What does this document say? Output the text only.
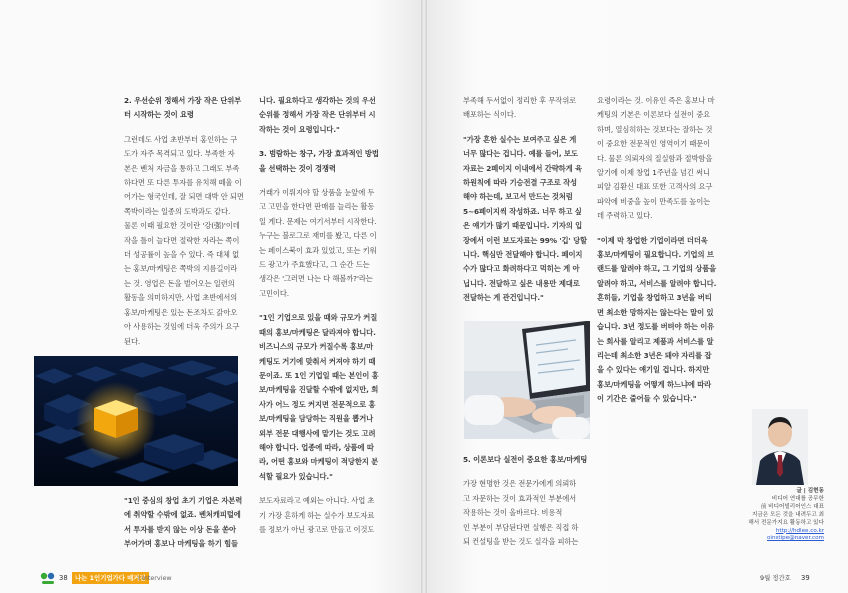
2. 우선순위 정해서 가장 작은 단위부

터 시작하는 것이 요령

그런데도 사업 초반부터 홍인하는 구

도가 자주 목격되고 있다. 부족한 자

본은 벤처 자금을 통하고 그래도 부족

하다면 또 다른 투자를 유치해 떼울 이

어가는 형국인데, 잘 되면 대박 안 되면

쪽박이라는 일종의 도박과도 같다.

물론 이때 필요한 것이란 '강(强)'이데

작을 틀이 늘다면 절략한 자라는 쪽이

더 성공률이 높을 수 있다. 즉 대체 없

는 홍보/마케팅은 쪽박의 지름길이라

는 것. 영업은 돈을 벌어오는 일련의

활동을 의미하지만, 사업 초반에서의

홍보/마케팅은 있는 돈조차도 갉아오

아 사용하는 것임에 더욱 주의가 요구

된다.

"1인 중심의 창업 초기 기업은 자본력

에 취약할 수밖에 없죠. 벤처캐피털에

서 투자를 받지 않는 이상 돈을 쏟아

부어가며 홍보나 마케팅을 하기 힘들

니다. 필요하다고 생각하는 것의 우선

순위를 정해서 가장 작은 단위부터 시

작하는 것이 요령입니다."

3. 범람하는 창구, 가장 효과적인 방법

을 선택하는 것이 경쟁력

거래가 이뤄지야 할 상품을 눈앞에 두

고 고민을 한다면 판매를 늘리는 활동

일 게다. 문제는 여기서부터 시작한다.

누구는 블로그로 재미를 봤고, 다른 이

는 페이스북이 효과 있었고, 또는 키워

드 광고가 주효했다고, 그 순간 드는

생각은 '그러면 나는 다 해볼까?'라는

고민이다.

"1인 기업으로 있을 때와 규모가 커질

때의 홍보/마케팅은 달라져야 합니다.

비즈니스의 규모가 커질수록 홍보/마

케팅도 거기에 맞춰서 커져야 하기 때

문이죠. 또 1인 기업일 때는 본인이 홍

보/마케팅을 진달할 수밖에 없지만, 회

사가 어느 정도 커지면 전문적으로 홍

보/마케팅을 담당하는 직원을 뽑거나

외부 전문 대행사에 맡기는 것도 고려

해야 합니다. 업종에 따라, 상품에 따

라, 어떤 홍보와 마케팅이 적당한지 분

석할 필요가 있습니다."

보도자료라고 예외는 아니다. 사업 초

기 가장 흔하게 하는 실수가 보도자료

를 정보가 아닌 광고로 만들고 이것도

부족해 두서없이 정리한 후 무작위로

배포하는 식이다.

"가장 흔한 실수는 보여주고 싶은 게

너무 많다는 겁니다. 예를 들어, 보도

자료는 2페이지 이내에서 간략하게 육

하원칙에 따라 기승전결 구조로 작성

해야 하는데, 보고서 만드는 것처럼

5~6페이지씩 작성하죠. 너무 하고 싶

은 얘기가 많기 때문입니다. 기자의 입

장에서 이런 보도자료는 99% '깁' 당할

니다. 핵심만 전달해야 합니다. 페이지

수가 많다고 화려하다고 먹히는 게 아

닙니다. 전달하고 싶은 내용만 제대로

전달하는 게 관건입니다."

5. 이론보다 실전이 중요한 홍보/마케팅

가장 현명한 것은 전문가에게 의뢰하

고 자문하는 것이 효과적인 부분에서

작용하는 것이 올바르다. 비용적

인 부분이 부담된다면 실행은 직접 하

되 컨설팅을 받는 것도 실각을 피하는

요령이라는 것. 이유인 즉은 홍보나 마

케팅의 기본은 이론보다 실전이 중요

하며, 열심히하는 것보다는 잘하는 것

이 중요한 전문적인 영역이기 때문이

다. 물론 의뢰자의 질실함과 절박함을

알기에 이제 창업 1주년을 넘긴 써니

피알 김환신 대표 또한 고객사의 요구

파악에 비중을 높이 만족도를 높이는

데 주력하고 있다.

"이제 막 창업한 기업이라면 더더욱

홍보/마케팅이 필요합니다. 기업의 브

랜드를 알려야 하고, 그 기업의 상품을

알려야 하고, 서비스를 알려야 합니다.

흔히들, 기업을 창업하고 3년을 버티

면 최소한 망하지는 않는다는 말이 있

습니다. 3년 정도를 버텨야 하는 이유

는 회사를 알리고 제품과 서비스를 알

리는데 최소한 3년은 돼야 자리를 잡

을 수 있다는 얘기일 겁니다. 하지만

홍보/마케팅을 어떻게 하느냐에 따라

이 기간은 줄어들 수 있습니다."

글 | 김현동
비디어 연대를 공무한
前 비디어빌리어인스 대표
지금은 모든 것을 내려두고 최
해서 전문가지요 활동하고 있다
http://hdlee.co.kr
oinstipe@naver.com
38	나는 1인기업가다 매거진
I Interview	9월 정간호 39
